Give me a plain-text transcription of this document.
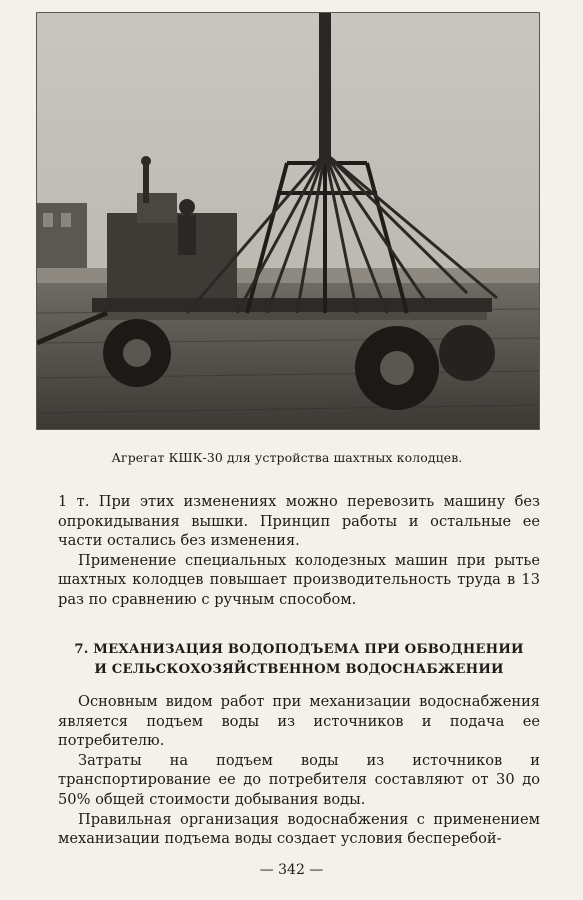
Агрегат КШК-30 для устройства шахтных колодцев.

1 т. При этих изменениях можно перевозить машину без опрокидывания вышки. Принцип работы и остальные ее части остались без изменения.

Применение специальных колодезных машин при рытье шахтных колодцев повышает производительность труда в 13 раз по сравнению с ручным способом.

7. МЕХАНИЗАЦИЯ ВОДОПОДЪЕМА ПРИ ОБВОДНЕНИИ
И СЕЛЬСКОХОЗЯЙСТВЕННОМ ВОДОСНАБЖЕНИИ

Основным видом работ при механизации водоснабжения является подъем воды из источников и подача ее потребителю.

Затраты на подъем воды из источников и транспортирование ее до потребителя составляют от 30 до 50% общей стоимости добывания воды.

Правильная организация водоснабжения с применением механизации подъема воды создает условия бесперебой-

— 342 —
